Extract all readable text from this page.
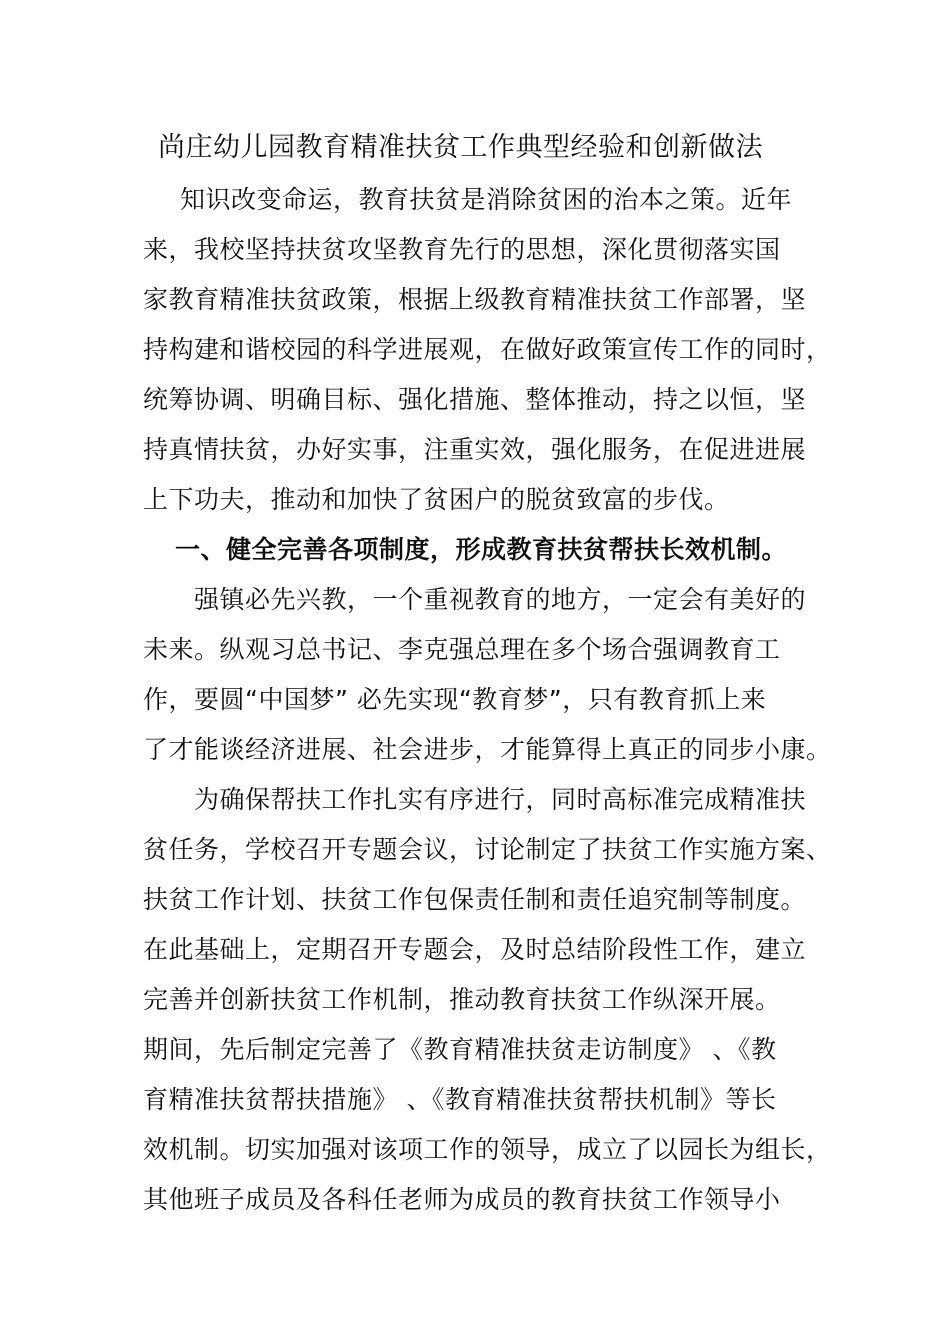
尚庄幼儿园教育精准扶贫工作典型经验和创新做法
知识改变命运，教育扶贫是消除贫困的治本之策。近年
来，我校坚持扶贫攻坚教育先行的思想，深化贯彻落实国
家教育精准扶贫政策，根据上级教育精准扶贫工作部署，坚
持构建和谐校园的科学进展观，在做好政策宣传工作的同时，
统筹协调、明确目标、强化措施、整体推动，持之以恒，坚
持真情扶贫，办好实事，注重实效，强化服务，在促进进展
上下功夫，推动和加快了贫困户的脱贫致富的步伐。
一、健全完善各项制度，形成教育扶贫帮扶长效机制。
强镇必先兴教，一个重视教育的地方，一定会有美好的
未来。纵观习总书记、李克强总理在多个场合强调教育工
作，要圆“中国梦” 必先实现“教育梦”，只有教育抓上来
了才能谈经济进展、社会进步，才能算得上真正的同步小康。
为确保帮扶工作扎实有序进行，同时高标准完成精准扶
贫任务，学校召开专题会议，讨论制定了扶贫工作实施方案、
扶贫工作计划、扶贫工作包保责任制和责任追究制等制度。
在此基础上，定期召开专题会，及时总结阶段性工作，建立
完善并创新扶贫工作机制，推动教育扶贫工作纵深开展。
期间，先后制定完善了《教育精准扶贫走访制度》 、《教
育精准扶贫帮扶措施》 、《教育精准扶贫帮扶机制》等长
效机制。切实加强对该项工作的领导，成立了以园长为组长，
其他班子成员及各科任老师为成员的教育扶贫工作领导小
